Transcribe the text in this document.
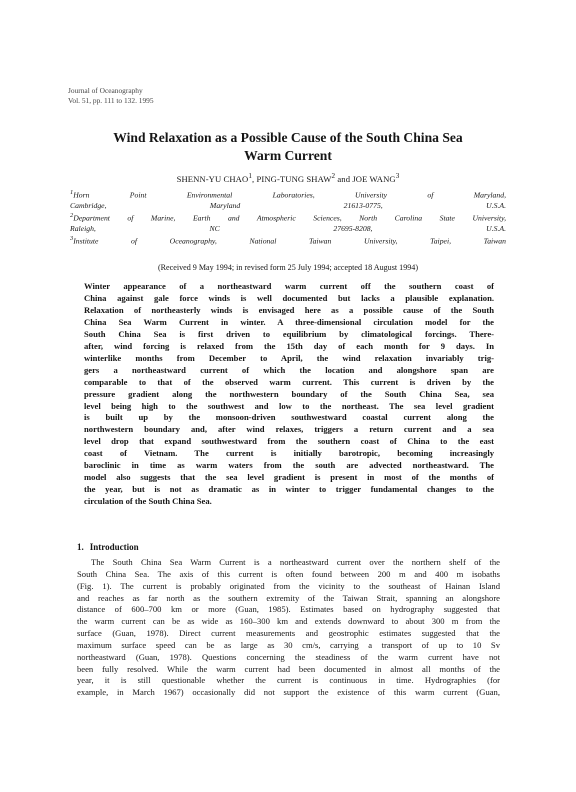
Journal of Oceanography
Vol. 51, pp. 111 to 132. 1995
Wind Relaxation as a Possible Cause of the South China Sea
Warm Current
SHENN-YU CHAO$^1$, PING-TUNG SHAW$^2$ and JOE WANG$^3$
$^1$Horn Point Environmental Laboratories, University of Maryland,
Cambridge, Maryland 21613-0775, U.S.A.
$^2$Department of Marine, Earth and Atmospheric Sciences, North Carolina State University,
Raleigh, NC 27695-8208, U.S.A.
$^3$Institute of Oceanography, National Taiwan University, Taipei, Taiwan
(Received 9 May 1994; in revised form 25 July 1994; accepted 18 August 1994)
Winter appearance of a northeastward warm current off the southern coast of
China against gale force winds is well documented but lacks a plausible explanation.
Relaxation of northeasterly winds is envisaged here as a possible cause of the South
China Sea Warm Current in winter. A three-dimensional circulation model for the
South China Sea is first driven to equilibrium by climatological forcings. There-
after, wind forcing is relaxed from the 15th day of each month for 9 days. In
winterlike months from December to April, the wind relaxation invariably trig-
gers a northeastward current of which the location and alongshore span are
comparable to that of the observed warm current. This current is driven by the
pressure gradient along the northwestern boundary of the South China Sea, sea
level being high to the southwest and low to the northeast. The sea level gradient
is built up by the monsoon-driven southwestward coastal current along the
northwestern boundary and, after wind relaxes, triggers a return current and a sea
level drop that expand southwestward from the southern coast of China to the east
coast of Vietnam. The current is initially barotropic, becoming increasingly
baroclinic in time as warm waters from the south are advected northeastward. The
model also suggests that the sea level gradient is present in most of the months of
the year, but is not as dramatic as in winter to trigger fundamental changes to the
circulation of the South China Sea.
1. Introduction
The South China Sea Warm Current is a northeastward current over the northern shelf of the
South China Sea. The axis of this current is often found between 200 m and 400 m isobaths
(Fig. 1). The current is probably originated from the vicinity to the southeast of Hainan Island
and reaches as far north as the southern extremity of the Taiwan Strait, spanning an alongshore
distance of 600–700 km or more (Guan, 1985). Estimates based on hydrography suggested that
the warm current can be as wide as 160–300 km and extends downward to about 300 m from the
surface (Guan, 1978). Direct current measurements and geostrophic estimates suggested that the
maximum surface speed can be as large as 30 cm/s, carrying a transport of up to 10 Sv
northeastward (Guan, 1978). Questions concerning the steadiness of the warm current have not
been fully resolved. While the warm current had been documented in almost all months of the
year, it is still questionable whether the current is continuous in time. Hydrographies (for
example, in March 1967) occasionally did not support the existence of this warm current (Guan,
